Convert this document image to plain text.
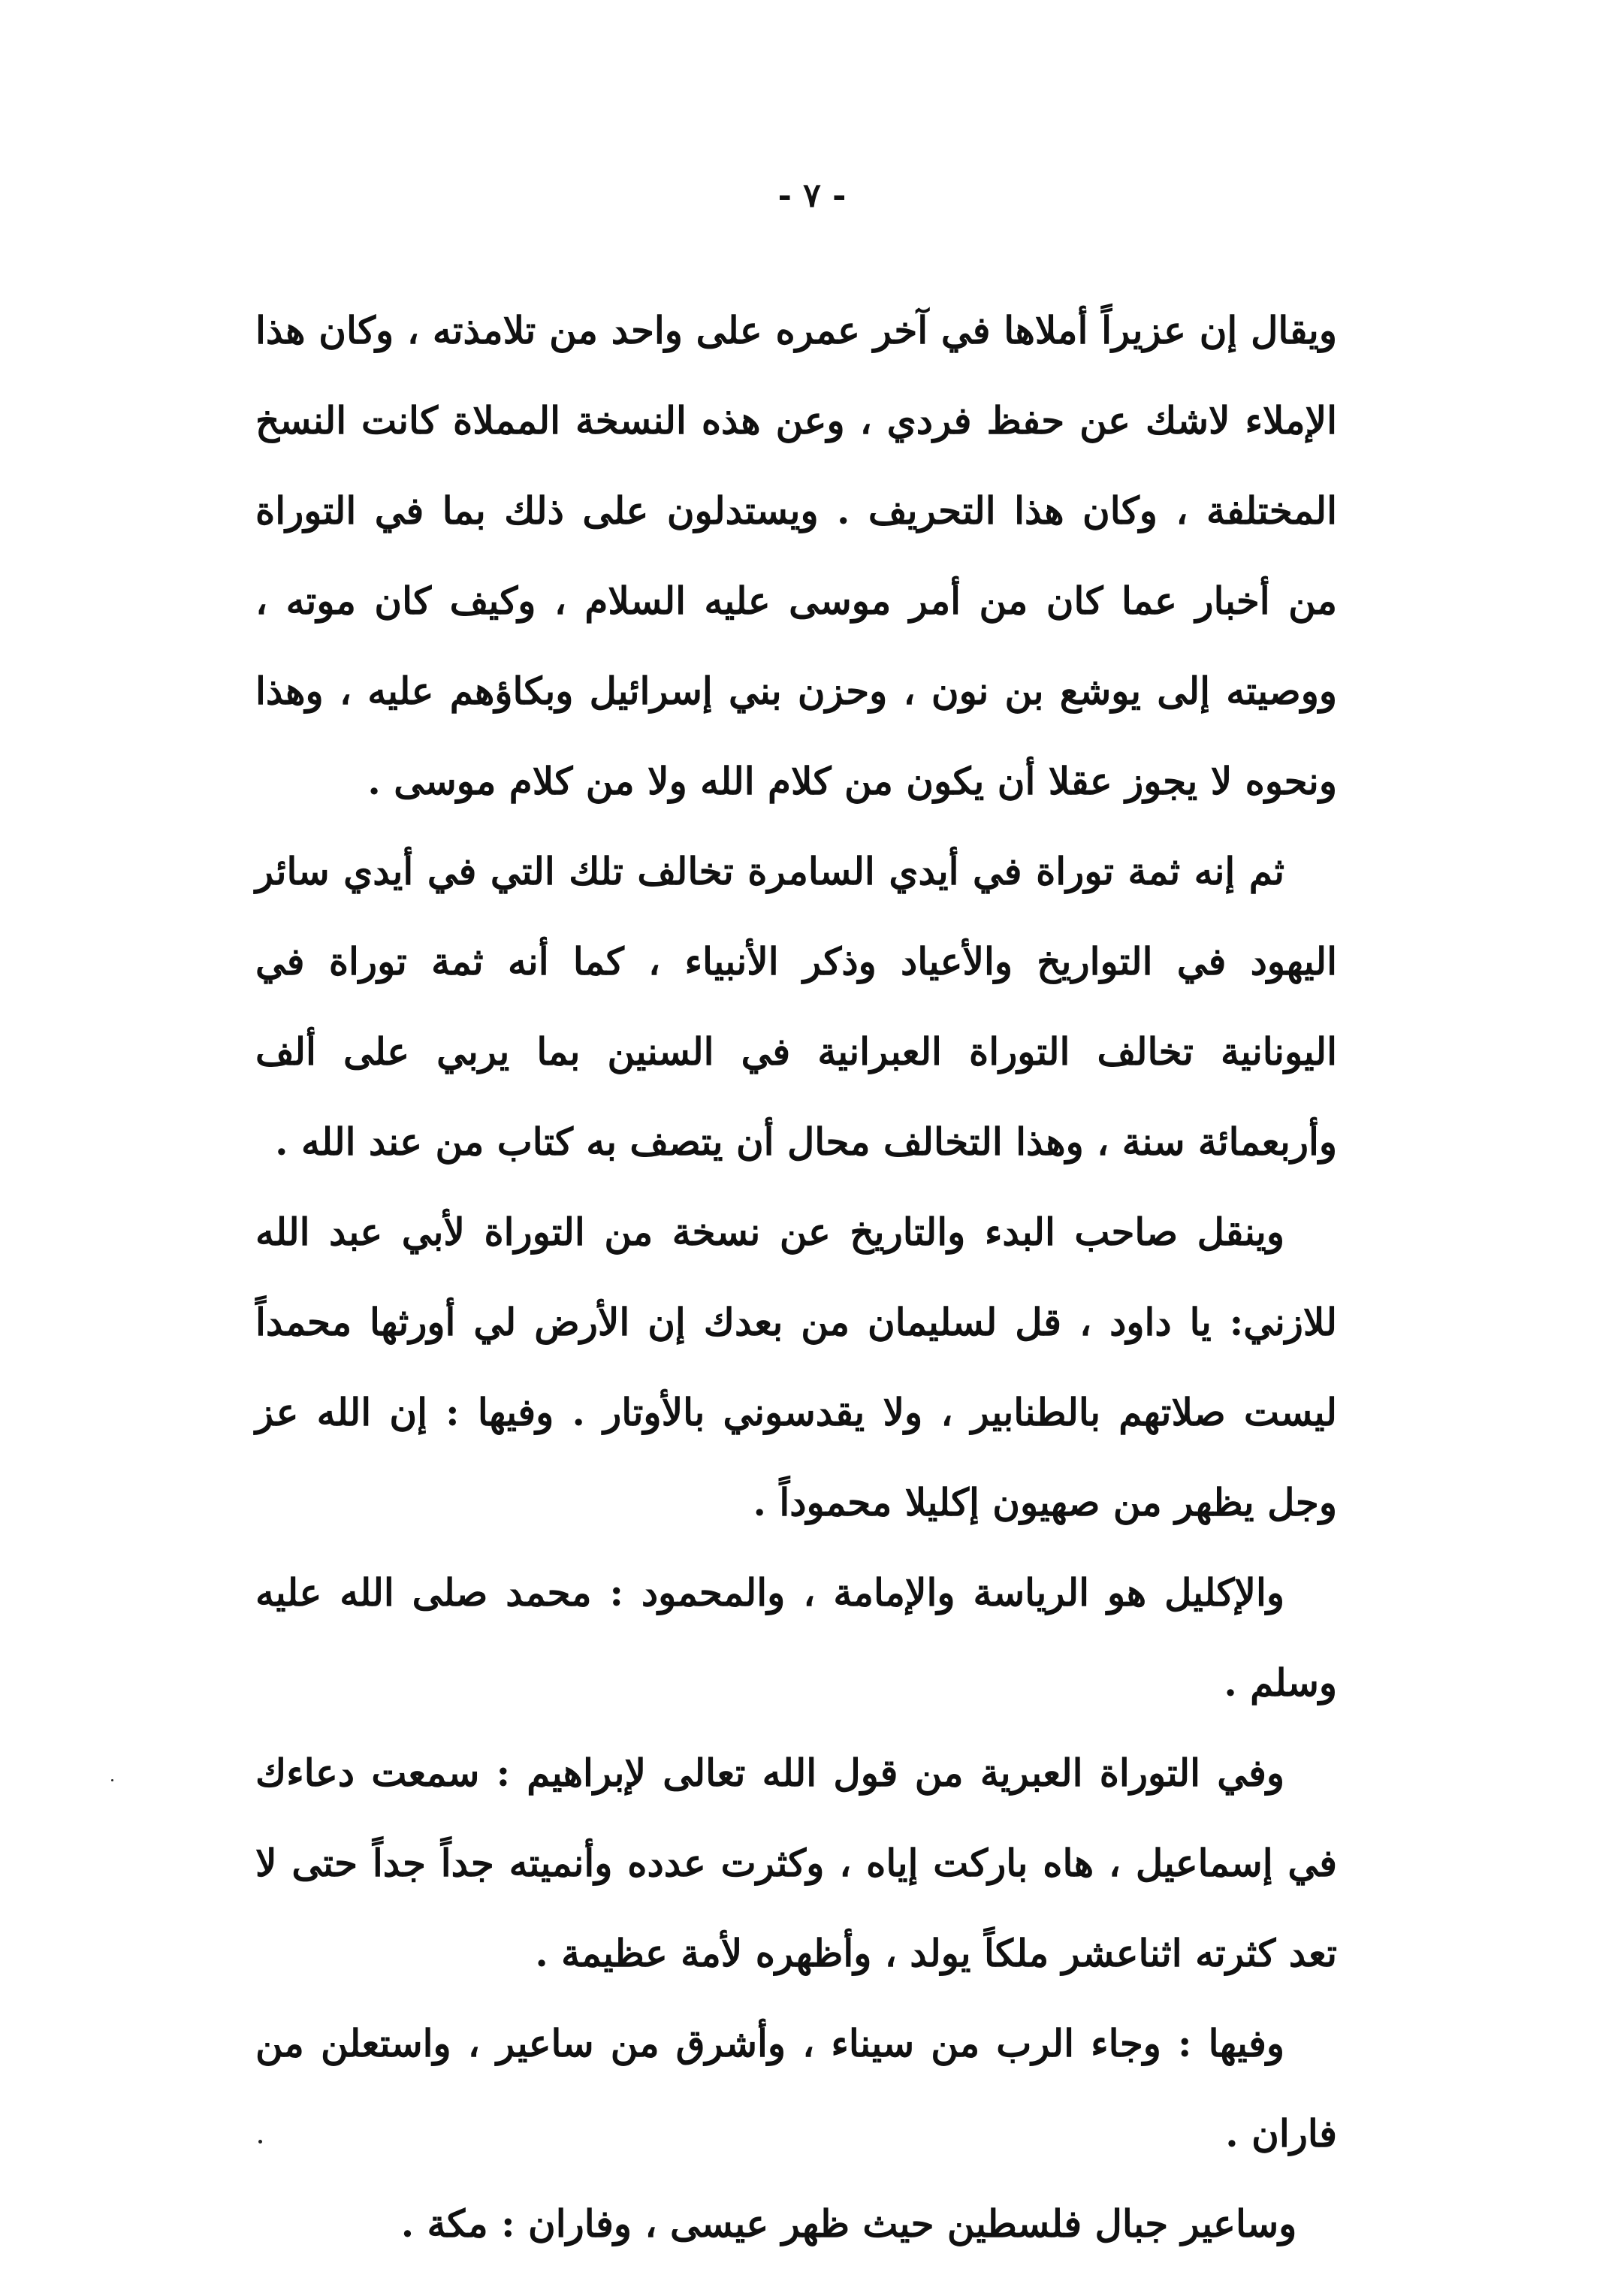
- ٧ -

ويقال إن عزيراً أملاها في آخر عمره على واحد من تلامذته ، وكان هذا الإملاء لاشك عن حفظ فردي ، وعن هذه النسخة المملاة كانت النسخ المختلفة ، وكان هذا التحريف . ويستدلون على ذلك بما في التوراة من أخبار عما كان من أمر موسى عليه السلام ، وكيف كان موته ، ووصيته إلى يوشع بن نون ، وحزن بني إسرائيل وبكاؤهم عليه ، وهذا ونحوه لا يجوز عقلا أن يكون من كلام الله ولا من كلام موسى .

ثم إنه ثمة توراة في أيدي السامرة تخالف تلك التي في أيدي سائر اليهود في التواريخ والأعياد وذكر الأنبياء ، كما أنه ثمة توراة في اليونانية تخالف التوراة العبرانية في السنين بما يربي على ألف وأربعمائة سنة ، وهذا التخالف محال أن يتصف به كتاب من عند الله .

وينقل صاحب البدء والتاريخ عن نسخة من التوراة لأبي عبد الله للازني: يا داود ، قل لسليمان من بعدك إن الأرض لي أورثها محمداً ليست صلاتهم بالطنابير ، ولا يقدسوني بالأوتار . وفيها : إن الله عز وجل يظهر من صهيون إكليلا محموداً .

والإكليل هو الرياسة والإمامة ، والمحمود : محمد صلى الله عليه وسلم .

وفي التوراة العبرية من قول الله تعالى لإبراهيم : سمعت دعاءك في إسماعيل ، هاه باركت إياه ، وكثرت عدده وأنميته جداً جداً حتى لا تعد كثرته اثناعشر ملكاً يولد ، وأظهره لأمة عظيمة .

وفيها : وجاء الرب من سيناء ، وأشرق من ساعير ، واستعلن من فاران .

وساعير جبال فلسطين حيث ظهر عيسى ، وفاران : مكة .
